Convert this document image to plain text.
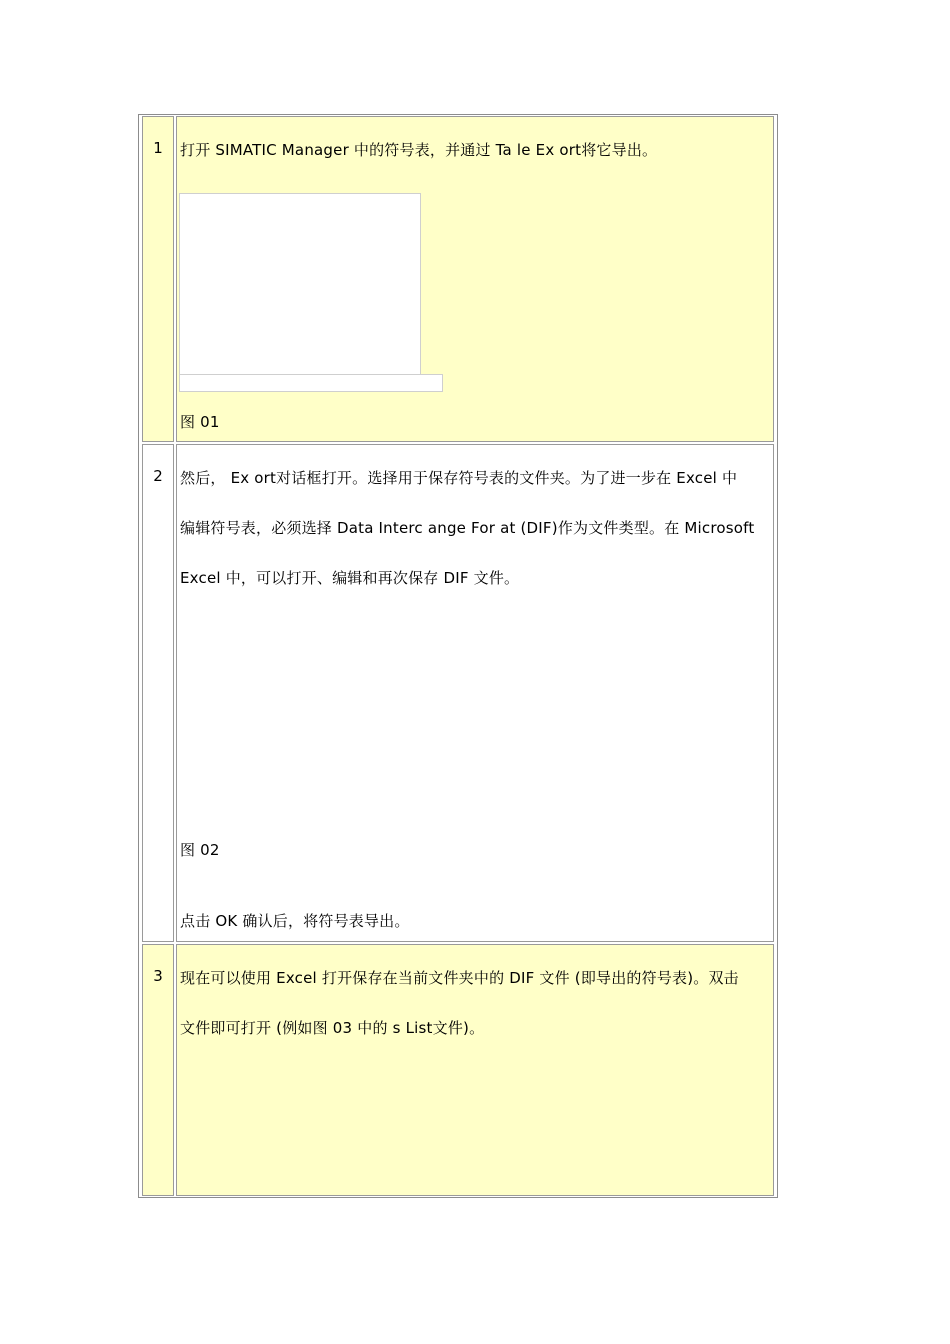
1	打开 SIMATIC Manager 中的符号表，并通过 Ta le Ex ort将它导出。
图 01
2	然后， Ex ort对话框打开。选择用于保存符号表的文件夹。为了进一步在 Excel 中
编辑符号表，必须选择 Data Interc ange For at (DIF)作为文件类型。在 Microsoft
Excel 中，可以打开、编辑和再次保存 DIF 文件。
图 02
点击 OK 确认后，将符号表导出。
3	现在可以使用 Excel 打开保存在当前文件夹中的 DIF 文件 (即导出的符号表)。双击
文件即可打开 (例如图 03 中的 s List文件)。
